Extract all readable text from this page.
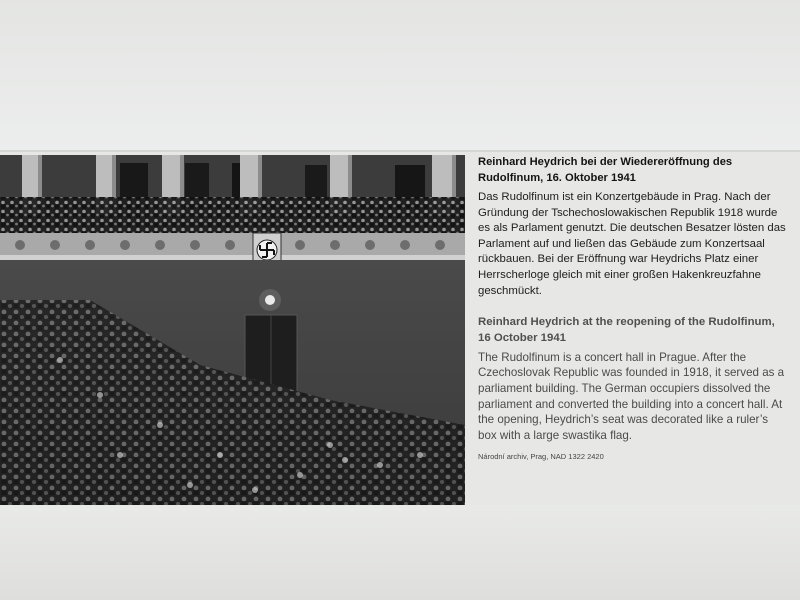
Reinhard Heydrich bei der Wiedereröffnung des Rudolfinum, 16. Oktober 1941

Das Rudolfinum ist ein Konzertgebäude in Prag. Nach der Gründung der Tschechoslowakischen Republik 1918 wurde es als Parlament genutzt. Die deutschen Besatzer lösten das Parlament auf und ließen das Gebäude zum Konzertsaal rückbauen. Bei der Eröffnung war Heydrichs Platz einer Herrscherloge gleich mit einer großen Hakenkreuzfahne geschmückt.

Reinhard Heydrich at the reopening of the Rudolfinum, 16 October 1941

The Rudolfinum is a concert hall in Prague. After the Czechoslovak Republic was founded in 1918, it served as a parliament building. The German occupiers dissolved the parliament and converted the building into a concert hall. At the opening, Heydrich’s seat was decorated like a ruler’s box with a large swastika flag.

Národní archiv, Prag, NAD 1322 2420
